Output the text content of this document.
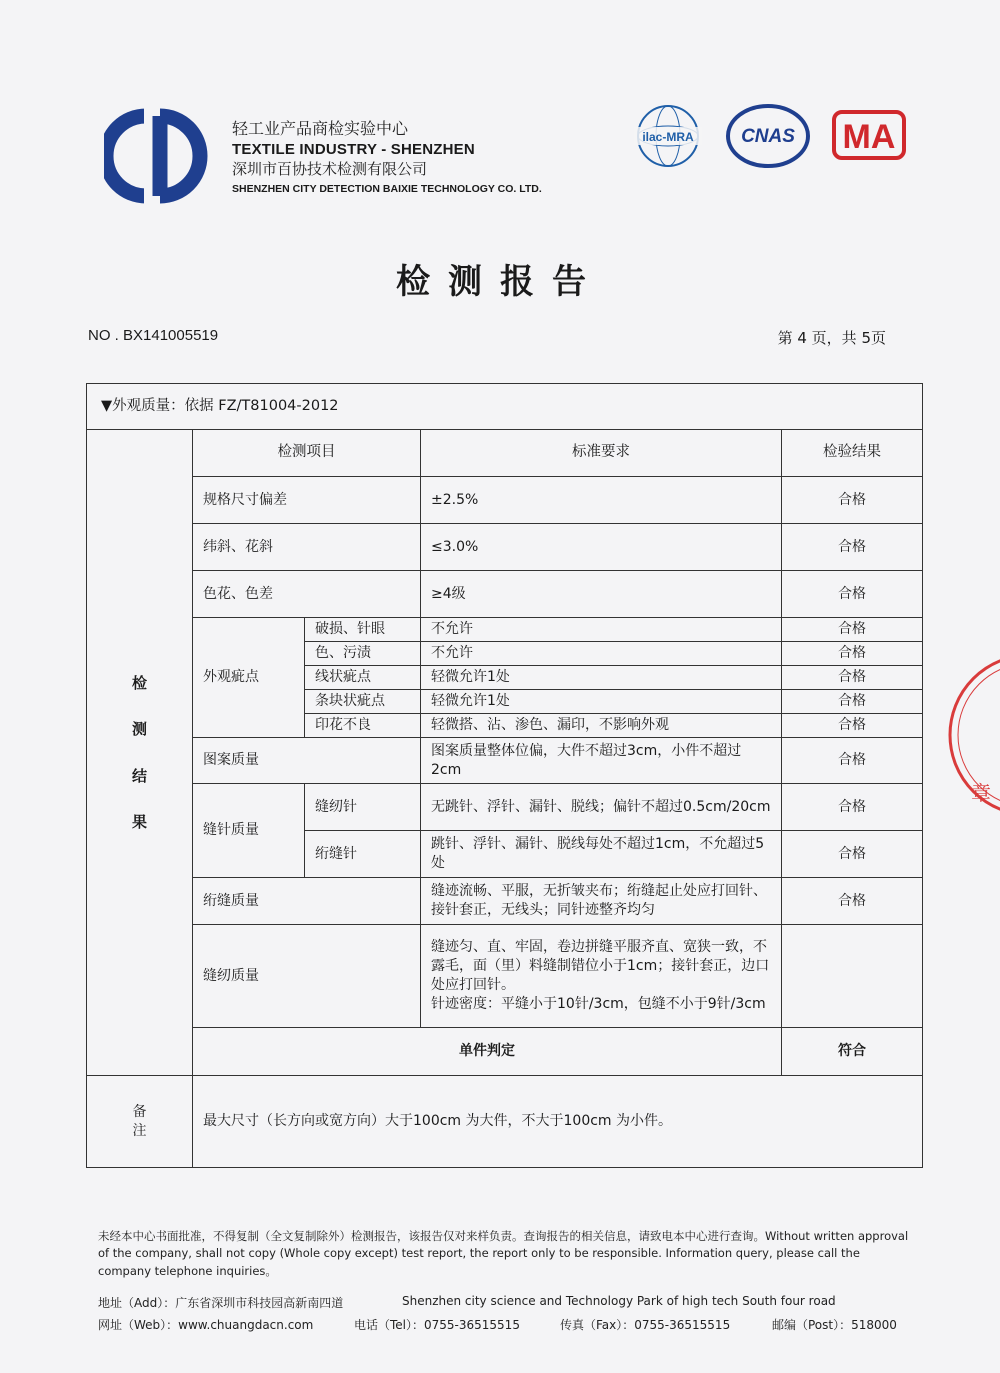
轻工业产品商检实验中心
TEXTILE INDUSTRY - SHENZHEN
深圳市百协技术检测有限公司
SHENZHEN CITY DETECTION BAIXIE TECHNOLOGY CO. LTD.
ilac-MRA CNAS MA
检测报告
NO . BX141005519	第 4 页，共 5页
▼外观质量：依据 FZ/T81004-2012				

检
测
结
果	检测项目		标准要求	检验结果
	规格尺寸偏差		±2.5%	合格
	纬斜、花斜		≤3.0%	合格
	色花、色差		≥4级	合格
	外观疵点	破损、针眼	不允许	合格
		色、污渍	不允许	合格
		线状疵点	轻微允许1处	合格
		条块状疵点	轻微允许1处	合格
		印花不良	轻微搭、沾、渗色、漏印，不影响外观	合格
	图案质量		图案质量整体位偏，大件不超过3cm，小件不超过2cm	合格
	缝针质量	缝纫针	无跳针、浮针、漏针、脱线；偏针不超过0.5cm/20cm	合格
		绗缝针	跳针、浮针、漏针、脱线每处不超过1cm，不允超过5处	合格
	绗缝质量		缝迹流畅、平服，无折皱夹布；绗缝起止处应打回针、接针套正，无线头；同针迹整齐均匀	合格
	缝纫质量		缝迹匀、直、牢固，卷边拼缝平服齐直、宽狭一致，不露毛，面（里）料缝制错位小于1cm；接针套正，边口处应打回针。
针迹密度：平缝小于10针/3cm，包缝不小于9针/3cm	

	单件判定			符合

备
注	最大尺寸（长方向或宽方向）大于100cm 为大件，不大于100cm 为小件。			
章
未经本中心书面批准，不得复制（全文复制除外）检测报告，该报告仅对来样负责。查询报告的相关信息，请致电本中心进行查询。Without written approval of the company, shall not copy (Whole copy except) test report, the report only to be responsible. Information query, please call the company telephone inquiries。
地址（Add）：广东省深圳市科技园高新南四道	Shenzhen city science and Technology Park of high tech South four road
网址（Web）：www.chuangdacn.com	电话（Tel）：0755-36515515	传真（Fax）：0755-36515515	邮编（Post）：518000
